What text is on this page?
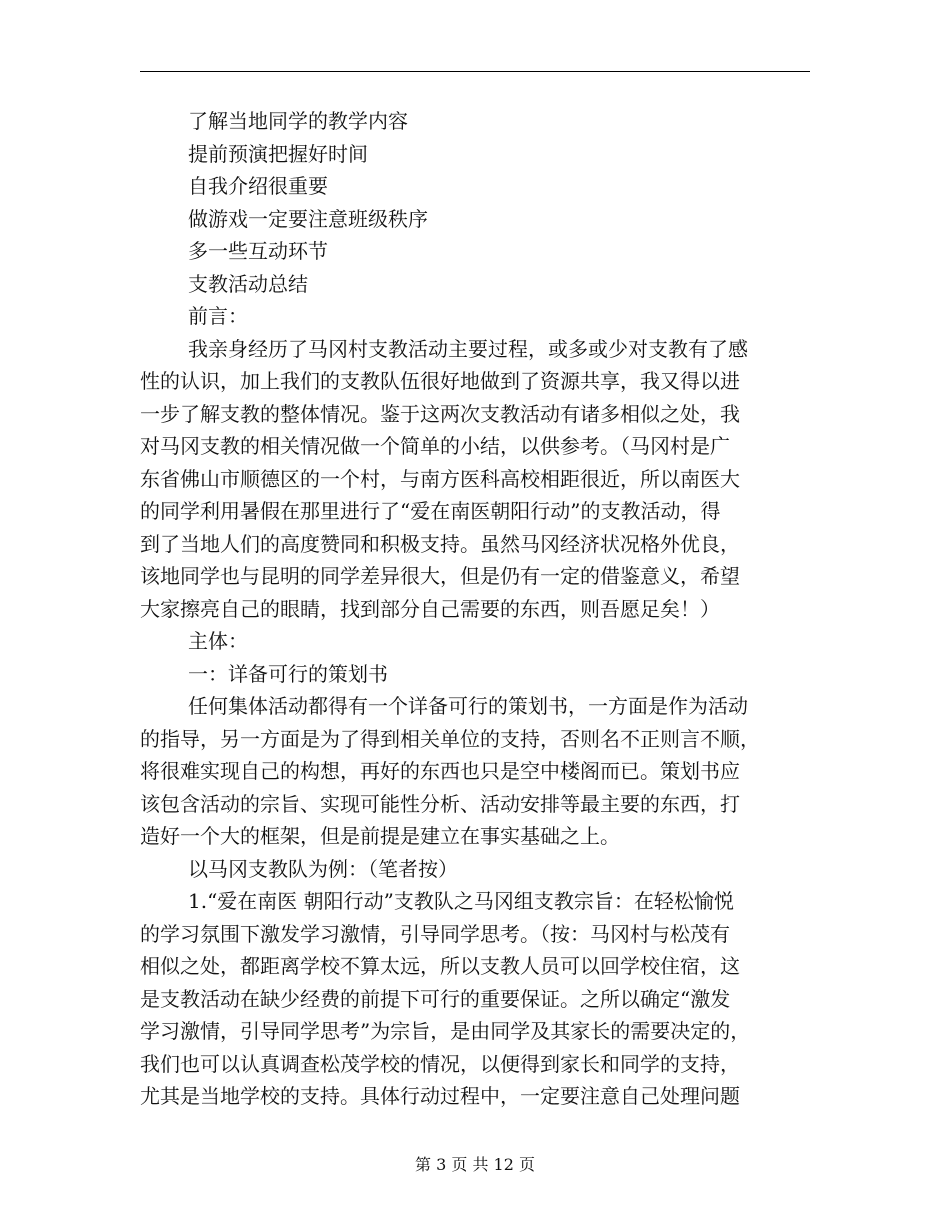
了解当地同学的教学内容

提前预演把握好时间

自我介绍很重要

做游戏一定要注意班级秩序

多一些互动环节

支教活动总结

前言：

我亲身经历了马冈村支教活动主要过程，或多或少对支教有了感

性的认识，加上我们的支教队伍很好地做到了资源共享，我又得以进

一步了解支教的整体情况。鉴于这两次支教活动有诸多相似之处，我

对马冈支教的相关情况做一个简单的小结，以供参考。（马冈村是广

东省佛山市顺德区的一个村，与南方医科高校相距很近，所以南医大

的同学利用暑假在那里进行了“爱在南医朝阳行动”的支教活动，得

到了当地人们的高度赞同和积极支持。虽然马冈经济状况格外优良，

该地同学也与昆明的同学差异很大，但是仍有一定的借鉴意义，希望

大家擦亮自己的眼睛，找到部分自己需要的东西，则吾愿足矣！）

主体：

一：详备可行的策划书

任何集体活动都得有一个详备可行的策划书，一方面是作为活动

的指导，另一方面是为了得到相关单位的支持，否则名不正则言不顺，

将很难实现自己的构想，再好的东西也只是空中楼阁而已。策划书应

该包含活动的宗旨、实现可能性分析、活动安排等最主要的东西，打

造好一个大的框架，但是前提是建立在事实基础之上。

以马冈支教队为例：（笔者按）

1.“爱在南医 朝阳行动”支教队之马冈组支教宗旨：在轻松愉悦

的学习氛围下激发学习激情，引导同学思考。（按：马冈村与松茂有

相似之处，都距离学校不算太远，所以支教人员可以回学校住宿，这

是支教活动在缺少经费的前提下可行的重要保证。之所以确定“激发

学习激情，引导同学思考”为宗旨，是由同学及其家长的需要决定的，

我们也可以认真调查松茂学校的情况，以便得到家长和同学的支持，

尤其是当地学校的支持。具体行动过程中，一定要注意自己处理问题

第 3 页 共 12 页
